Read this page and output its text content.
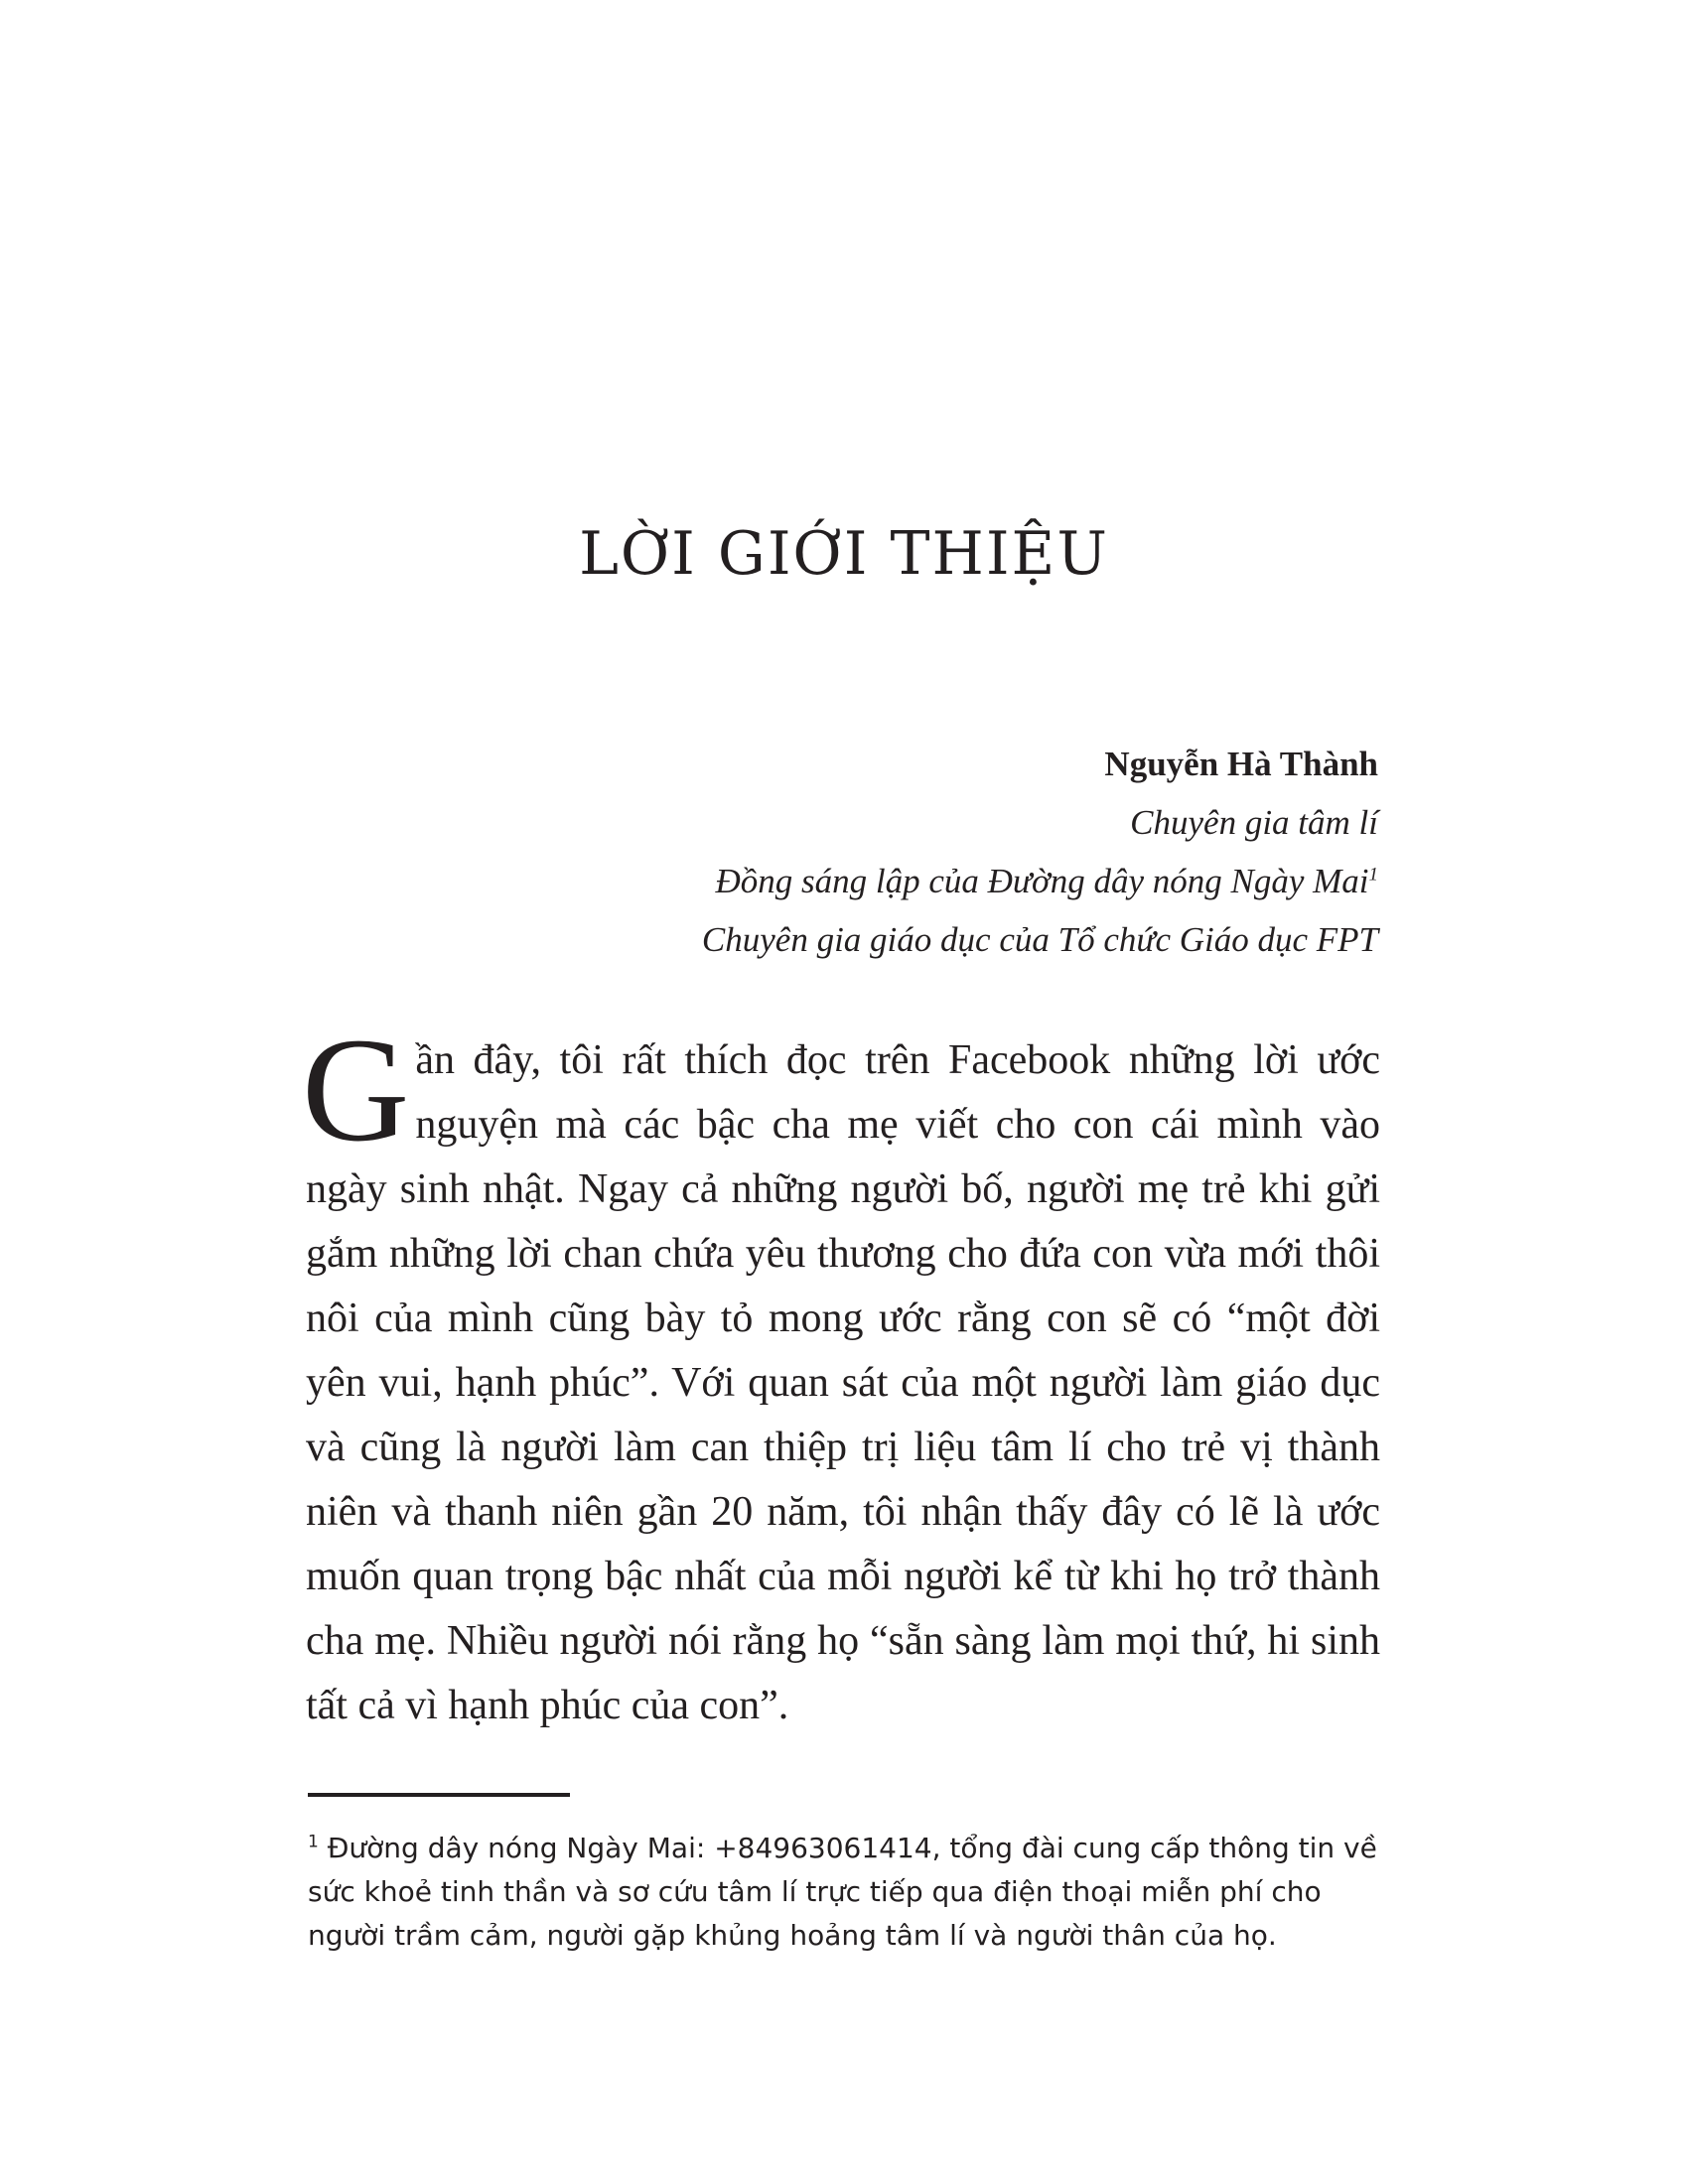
LỜI GIỚI THIỆU
Nguyễn Hà Thành
Chuyên gia tâm lí
Đồng sáng lập của Đường dây nóng Ngày Mai$^1$
Chuyên gia giáo dục của Tổ chức Giáo dục FPT

Gần đây, tôi rất thích đọc trên Facebook những lời ước nguyện mà các bậc cha mẹ viết cho con cái mình vào ngày sinh nhật. Ngay cả những người bố, người mẹ trẻ khi gửi gắm những lời chan chứa yêu thương cho đứa con vừa mới thôi nôi của mình cũng bày tỏ mong ước rằng con sẽ có “một đời yên vui, hạnh phúc”. Với quan sát của một người làm giáo dục và cũng là người làm can thiệp trị liệu tâm lí cho trẻ vị thành niên và thanh niên gần 20 năm, tôi nhận thấy đây có lẽ là ước muốn quan trọng bậc nhất của mỗi người kể từ khi họ trở thành cha mẹ. Nhiều người nói rằng họ “sẵn sàng làm mọi thứ, hi sinh tất cả vì hạnh phúc của con”.

$^1$ Đường dây nóng Ngày Mai: +84963061414, tổng đài cung cấp thông tin về sức khoẻ tinh thần và sơ cứu tâm lí trực tiếp qua điện thoại miễn phí cho người trầm cảm, người gặp khủng hoảng tâm lí và người thân của họ.
